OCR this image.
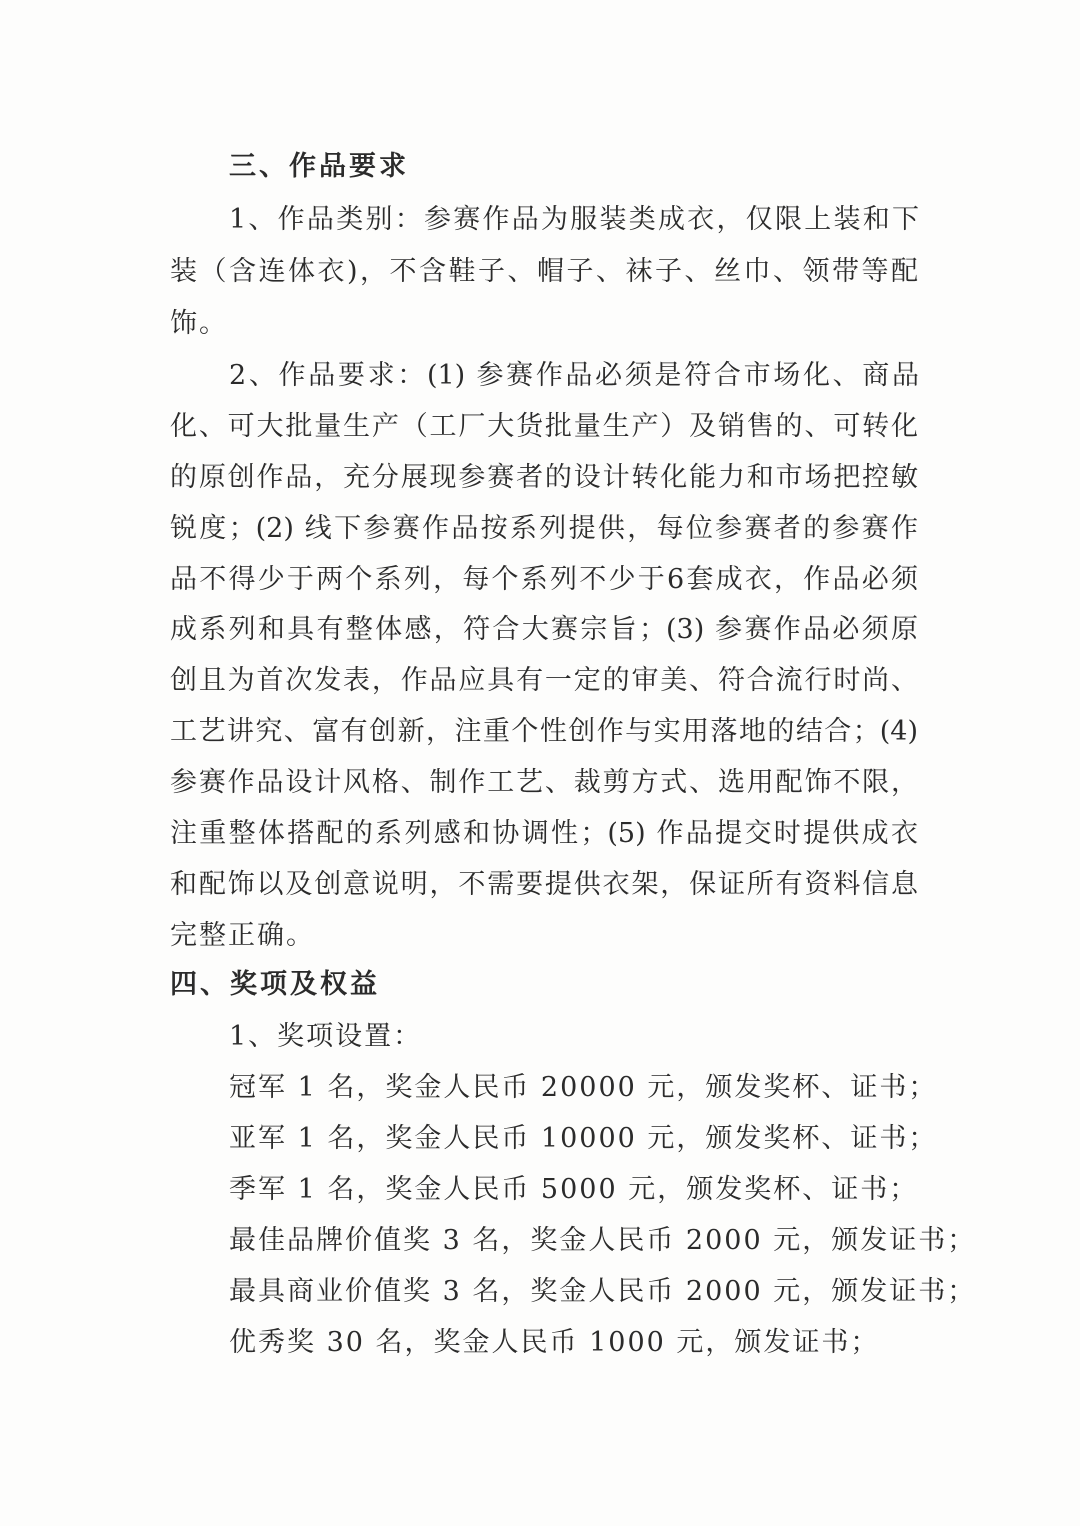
三、作品要求
1、作品类别：参赛作品为服装类成衣，仅限上装和下
装（含连体衣)，不含鞋子、帽子、袜子、丝巾、领带等配
饰。
2、作品要求：(1) 参赛作品必须是符合市场化、商品
化、可大批量生产（工厂大货批量生产）及销售的、可转化
的原创作品，充分展现参赛者的设计转化能力和市场把控敏
锐度；(2) 线下参赛作品按系列提供，每位参赛者的参赛作
品不得少于两个系列，每个系列不少于6套成衣，作品必须
成系列和具有整体感，符合大赛宗旨；(3) 参赛作品必须原
创且为首次发表，作品应具有一定的审美、符合流行时尚、
工艺讲究、富有创新，注重个性创作与实用落地的结合；(4)
参赛作品设计风格、制作工艺、裁剪方式、选用配饰不限，
注重整体搭配的系列感和协调性；(5) 作品提交时提供成衣
和配饰以及创意说明，不需要提供衣架，保证所有资料信息
完整正确。
四、奖项及权益
1、奖项设置：
冠军 1 名，奖金人民币 20000 元，颁发奖杯、证书；
亚军 1 名，奖金人民币 10000 元，颁发奖杯、证书；
季军 1 名，奖金人民币 5000 元，颁发奖杯、证书；
最佳品牌价值奖 3 名，奖金人民币 2000 元，颁发证书；
最具商业价值奖 3 名，奖金人民币 2000 元，颁发证书；
优秀奖 30 名，奖金人民币 1000 元，颁发证书；
